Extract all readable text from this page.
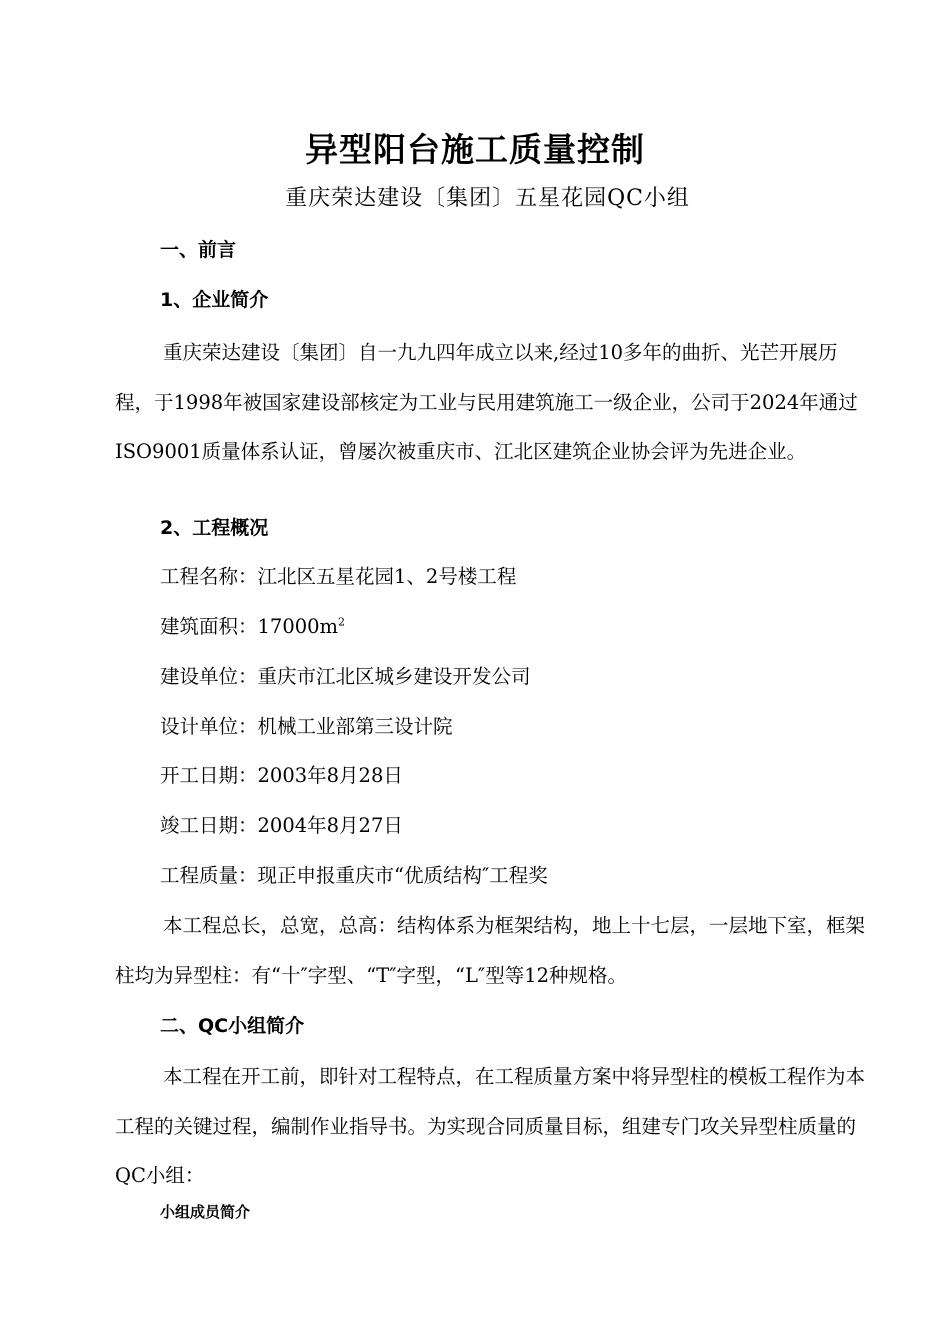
异型阳台施工质量控制
重庆荣达建设〔集团〕五星花园QC小组
一、前言
1、企业简介

重庆荣达建设〔集团〕自一九九四年成立以来,经过10多年的曲折、光芒开展历程，于1998年被国家建设部核定为工业与民用建筑施工一级企业，公司于2024年通过ISO9001质量体系认证，曾屡次被重庆市、江北区建筑企业协会评为先进企业。

2、工程概况
工程名称：江北区五星花园1、2号楼工程
建筑面积：$17000m^2$
建设单位：重庆市江北区城乡建设开发公司
设计单位：机械工业部第三设计院
开工日期：2003年8月28日
竣工日期：2004年8月27日
工程质量：现正申报重庆市“优质结构″工程奖

本工程总长，总宽，总高：结构体系为框架结构，地上十七层，一层地下室，框架柱均为异型柱：有“十″字型、“T″字型，“L″型等12种规格。

二、QC小组简介

本工程在开工前，即针对工程特点，在工程质量方案中将异型柱的模板工程作为本工程的关键过程，编制作业指导书。为实现合同质量目标，组建专门攻关异型柱质量的QC小组：

小组成员简介
